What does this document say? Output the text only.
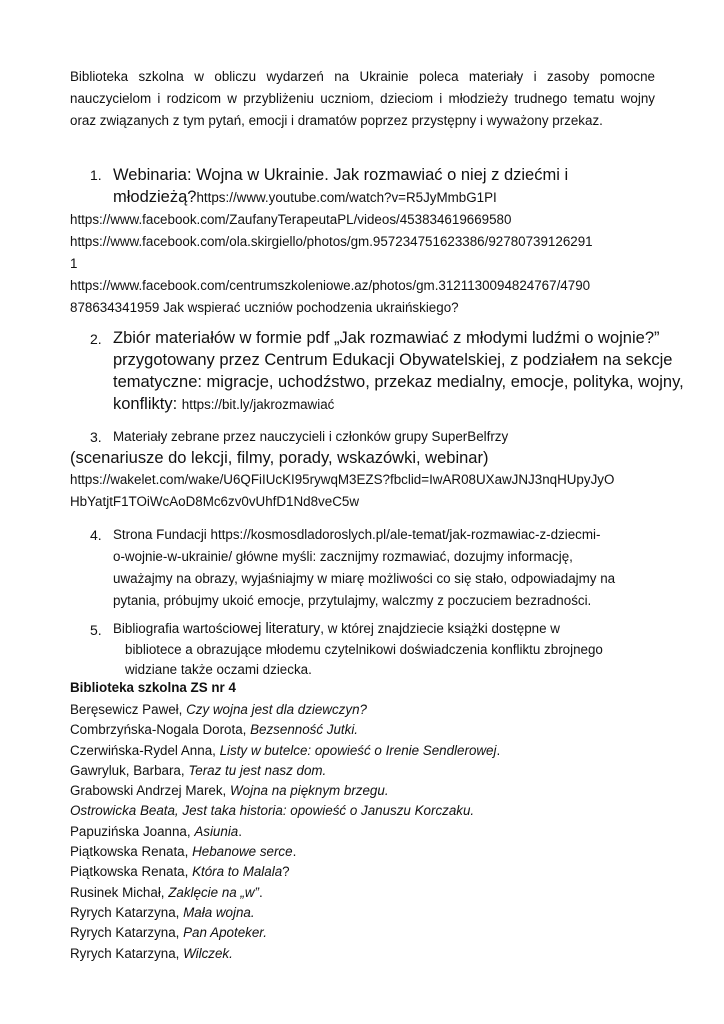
Biblioteka szkolna w obliczu wydarzeń na Ukrainie poleca materiały i zasoby pomocne nauczycielom i rodzicom w przybliżeniu uczniom, dzieciom i młodzieży trudnego tematu wojny oraz związanych z tym pytań, emocji i dramatów poprzez przystępny i wyważony przekaz.
1. Webinaria: Wojna w Ukrainie. Jak rozmawiać o niej z dziećmi i
młodzieżą?https://www.youtube.com/watch?v=R5JyMmbG1PI
https://www.facebook.com/ZaufanyTerapeutaPL/videos/453834619669580
https://www.facebook.com/ola.skirgiello/photos/gm.957234751623386/92780739126291
1
https://www.facebook.com/centrumszkoleniowe.az/photos/gm.3121130094824767/4790
878634341959 Jak wspierać uczniów pochodzenia ukraińskiego?
2. Zbiór materiałów w formie pdf „Jak rozmawiać z młodymi ludźmi o wojnie?”
przygotowany przez Centrum Edukacji Obywatelskiej, z podziałem na sekcje
tematyczne: migracje, uchodźstwo, przekaz medialny, emocje, polityka, wojny,
konflikty: https://bit.ly/jakrozmawiać
3. Materiały zebrane przez nauczycieli i członków grupy SuperBelfrzy
(scenariusze do lekcji, filmy, porady, wskazówki, webinar)
https://wakelet.com/wake/U6QFiIUcKI95rywqM3EZS?fbclid=IwAR08UXawJNJ3nqHUpyJyO
HbYatjtF1TOiWcAoD8Mc6zv0vUhfD1Nd8veC5w
4. Strona Fundacji https://kosmosdladoroslych.pl/ale-temat/jak-rozmawiac-z-dziecmi-
o-wojnie-w-ukrainie/ główne myśli: zacznijmy rozmawiać, dozujmy informację,
uważajmy na obrazy, wyjaśniajmy w miarę możliwości co się stało, odpowiadajmy na
pytania, próbujmy ukoić emocje, przytulajmy, walczmy z poczuciem bezradności.
5. Bibliografia wartościowej literatury, w której znajdziecie książki dostępne w
bibliotece a obrazujące młodemu czytelnikowi doświadczenia konfliktu zbrojnego
widziane także oczami dziecka.
Biblioteka szkolna ZS nr 4
Beręsewicz Paweł, Czy wojna jest dla dziewczyn?
Combrzyńska-Nogala Dorota, Bezsenność Jutki.
Czerwińska-Rydel Anna, Listy w butelce: opowieść o Irenie Sendlerowej.
Gawryluk, Barbara, Teraz tu jest nasz dom.
Grabowski Andrzej Marek, Wojna na pięknym brzegu.
Ostrowicka Beata, Jest taka historia: opowieść o Januszu Korczaku.
Papuzińska Joanna, Asiunia.
Piątkowska Renata, Hebanowe serce.
Piątkowska Renata, Która to Malala?
Rusinek Michał, Zaklęcie na „w”.
Ryrych Katarzyna, Mała wojna.
Ryrych Katarzyna, Pan Apoteker.
Ryrych Katarzyna, Wilczek.
